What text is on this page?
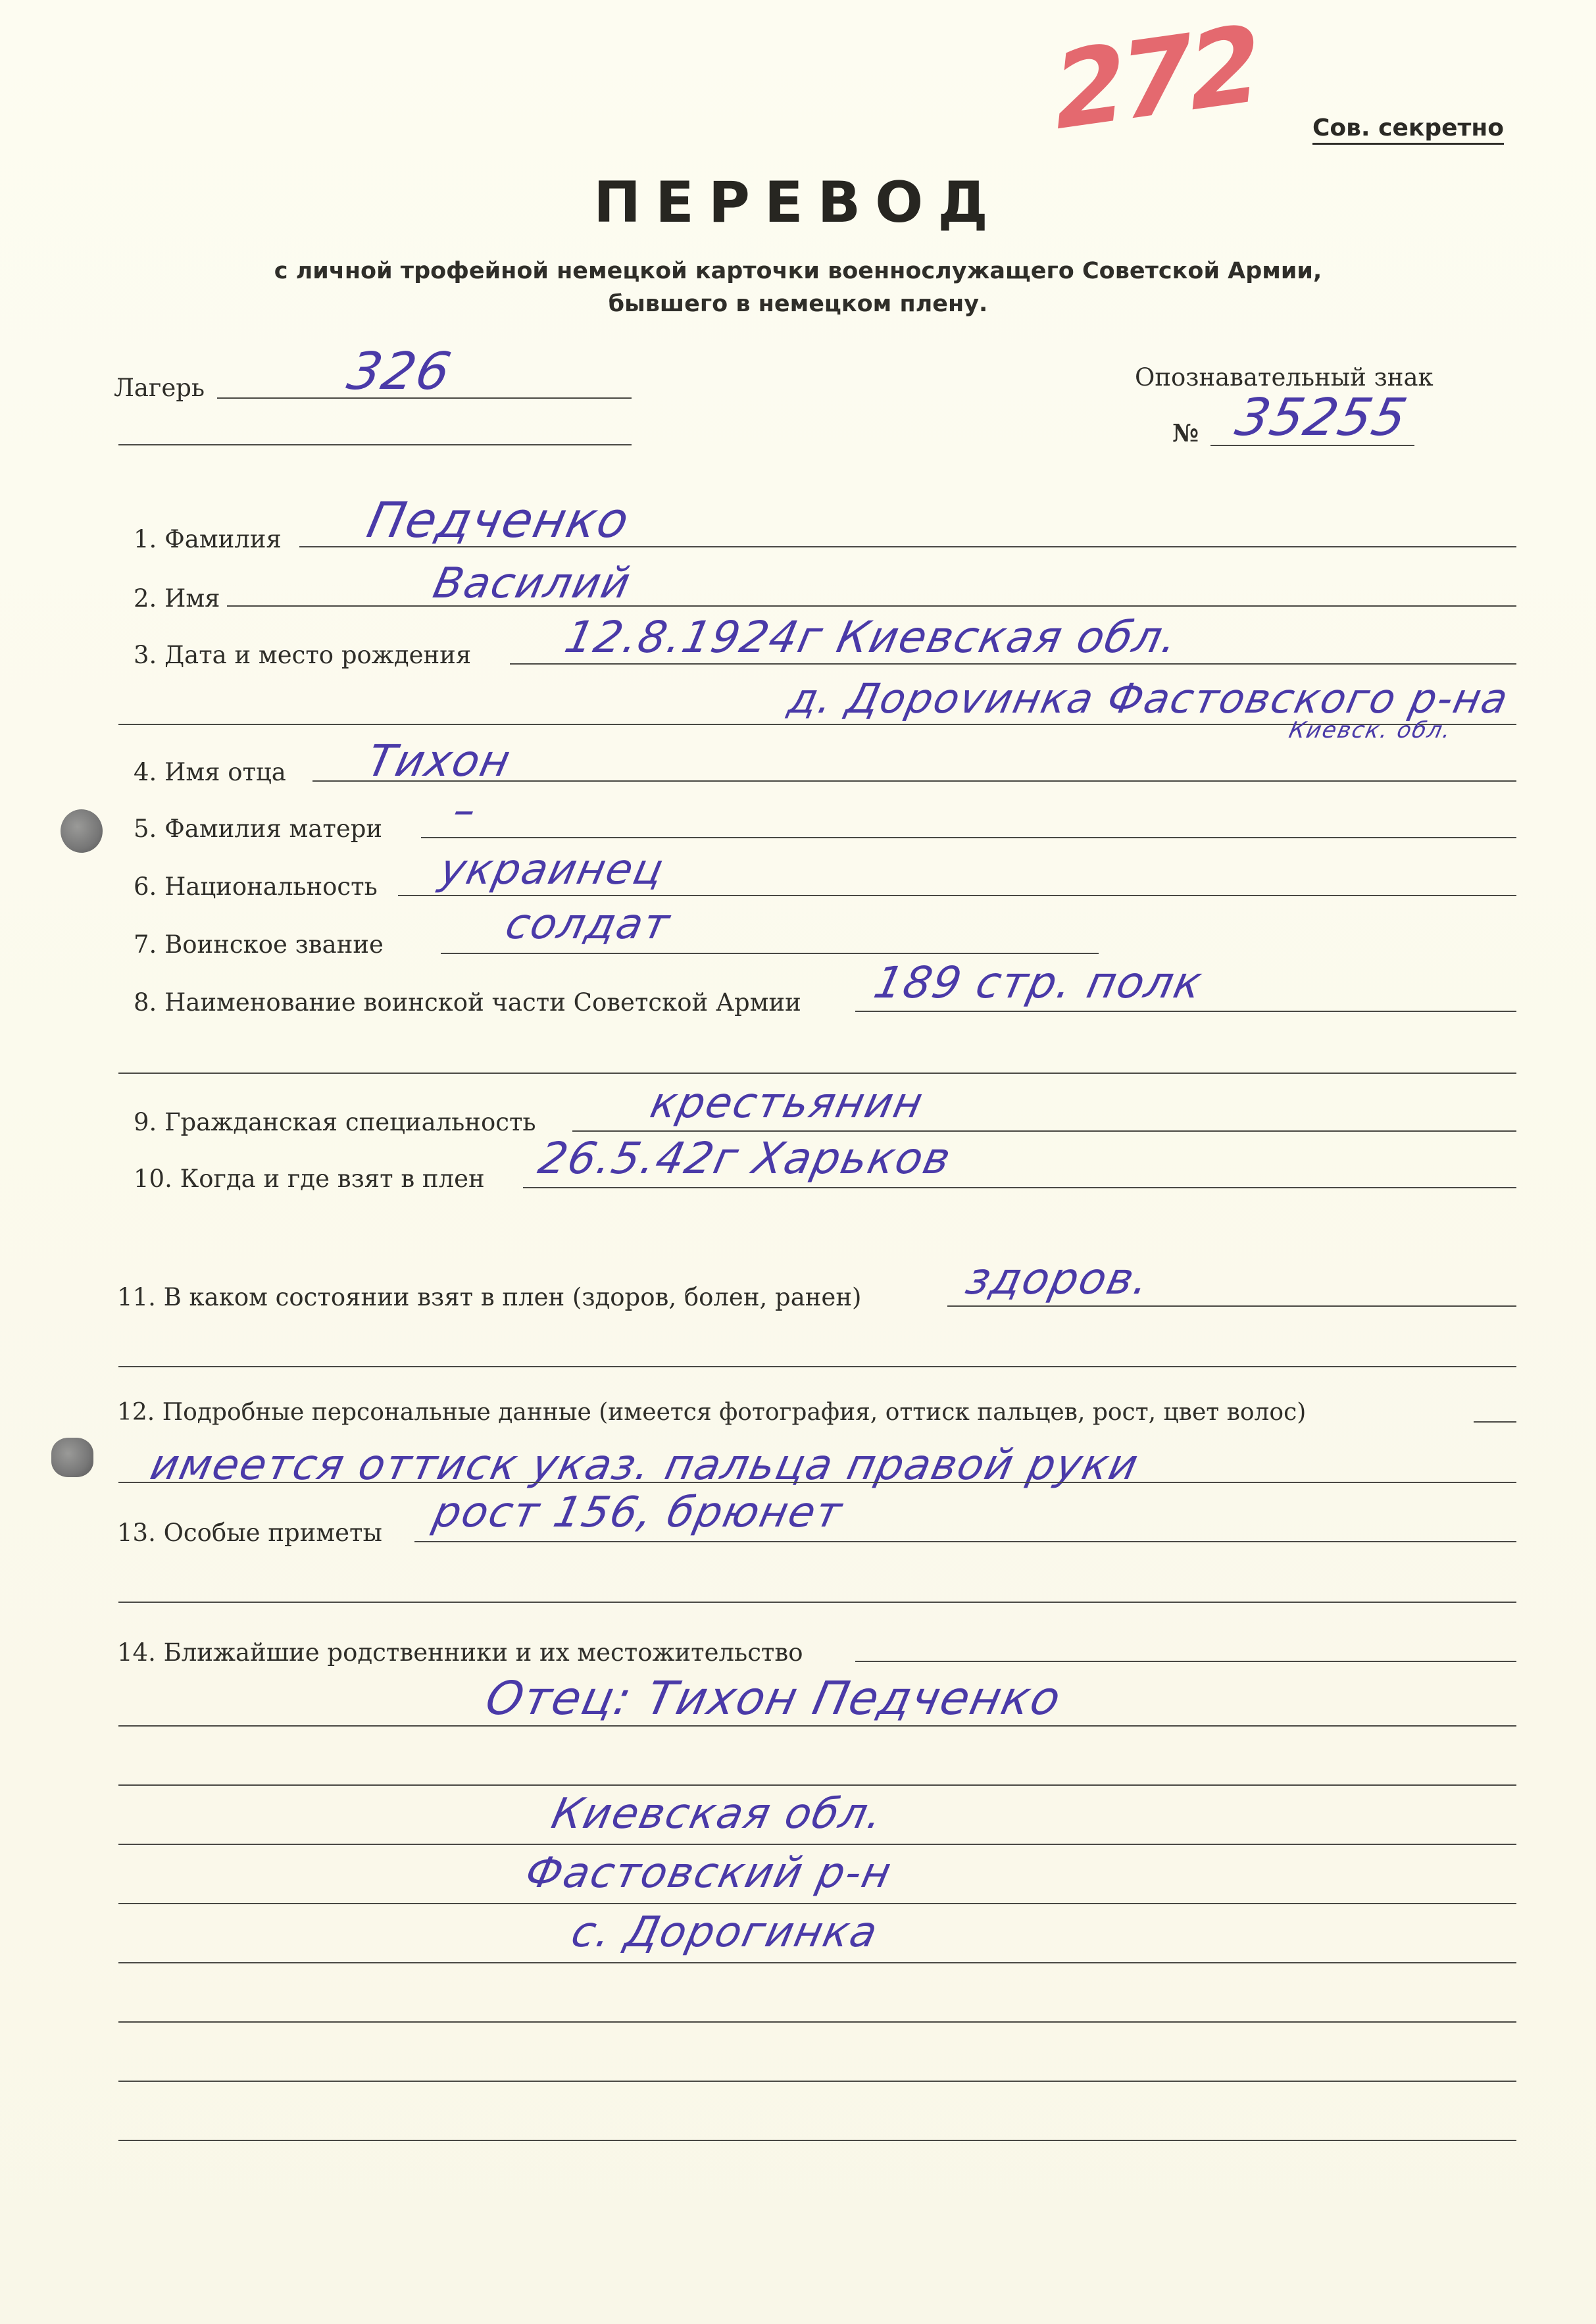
272 Сов. секретно
ПЕРЕВОД
с личной трофейной немецкой карточки военнослужащего Советской Армии,
бывшего в немецком плену.
Лагерь	326	Опознавательный знак
№ 35255
1. Фамилия Педченко
2. Имя	Василий
3. Дата и место рождения 12.8.1924г Киевская обл.
д. Дороvинка Фастовского р-на
Киевск. обл.
4. Имя отца Тихон
5. Фамилия матери –
6. Национальность украинец
7. Воинское звание	солдат
8. Наименование воинской части Советской Армии 189 стр. полк
9. Гражданская специальность	крестьянин
10. Когда и где взят в плен 26.5.42г Харьков
11. В каком состоянии взят в плен (здоров, болен, ранен) здоров.
12. Подробные персональные данные (имеется фотография, оттиск пальцев, рост, цвет волос)
имеется оттиск указ. пальца правой руки
13. Особые приметы рост 156, брюнет
14. Ближайшие родственники и их местожительство
Отец: Тихон Педченко
Киевская обл.
Фастовский р-н
с. Дорогинка
